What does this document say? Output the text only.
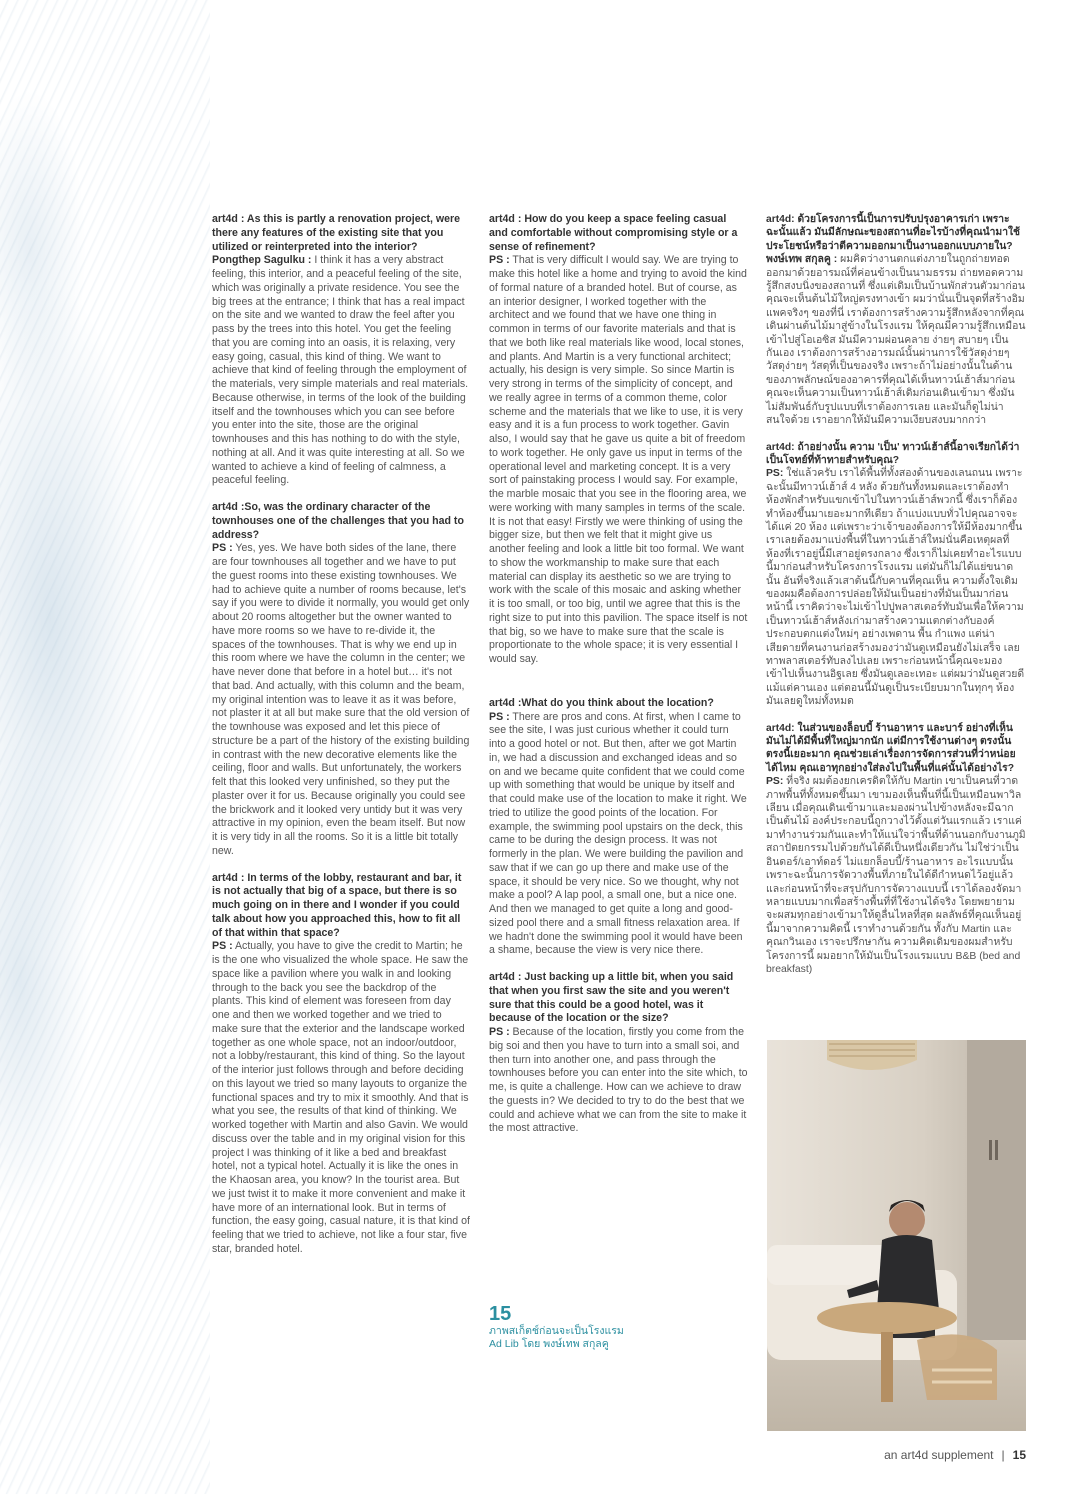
art4d : As this is partly a renovation project, were there any features of the existing site that you utilized or reinterpreted into the interior?
Pongthep Sagulku : I think it has a very abstract feeling, this interior, and a peaceful feeling of the site, which was originally a private residence. You see the big trees at the entrance; I think that has a real impact on the site and we wanted to draw the feel after you pass by the trees into this hotel. You get the feeling that you are coming into an oasis, it is relaxing, very easy going, casual, this kind of thing. We want to achieve that kind of feeling through the employment of the materials, very simple materials and real materials. Because otherwise, in terms of the look of the building itself and the townhouses which you can see before you enter into the site, those are the original townhouses and this has nothing to do with the style, nothing at all. And it was quite interesting at all. So we wanted to achieve a kind of feeling of calmness, a peaceful feeling.

art4d :So, was the ordinary character of the townhouses one of the challenges that you had to address?
PS : Yes, yes. We have both sides of the lane, there are four townhouses all together and we have to put the guest rooms into these existing townhouses. We had to achieve quite a number of rooms because, let's say if you were to divide it normally, you would get only about 20 rooms altogether but the owner wanted to have more rooms so we have to re-divide it, the spaces of the townhouses. That is why we end up in this room where we have the column in the center; we have never done that before in a hotel but… it's not that bad. And actually, with this column and the beam, my original intention was to leave it as it was before, not plaster it at all but make sure that the old version of the townhouse was exposed and let this piece of structure be a part of the history of the existing building in contrast with the new decorative elements like the ceiling, floor and walls. But unfortunately, the workers felt that this looked very unfinished, so they put the plaster over it for us. Because originally you could see the brickwork and it looked very untidy but it was very attractive in my opinion, even the beam itself. But now it is very tidy in all the rooms. So it is a little bit totally new.

art4d : In terms of the lobby, restaurant and bar, it is not actually that big of a space, but there is so much going on in there and I wonder if you could talk about how you approached this, how to fit all of that within that space?
PS : Actually, you have to give the credit to Martin; he is the one who visualized the whole space. He saw the space like a pavilion where you walk in and looking through to the back you see the backdrop of the plants. This kind of element was foreseen from day one and then we worked together and we tried to make sure that the exterior and the landscape worked together as one whole space, not an indoor/outdoor, not a lobby/restaurant, this kind of thing. So the layout of the interior just follows through and before deciding on this layout we tried so many layouts to organize the functional spaces and try to mix it smoothly. And that is what you see, the results of that kind of thinking. We worked together with Martin and also Gavin. We would discuss over the table and in my original vision for this project I was thinking of it like a bed and breakfast hotel, not a typical hotel. Actually it is like the ones in the Khaosan area, you know? In the tourist area. But we just twist it to make it more convenient and make it have more of an international look. But in terms of function, the easy going, casual nature, it is that kind of feeling that we tried to achieve, not like a four star, five star, branded hotel.

art4d : How do you keep a space feeling casual and comfortable without compromising style or a sense of refinement?
PS : That is very difficult I would say. We are trying to make this hotel like a home and trying to avoid the kind of formal nature of a branded hotel. But of course, as an interior designer, I worked together with the architect and we found that we have one thing in common in terms of our favorite materials and that is that we both like real materials like wood, local stones, and plants. And Martin is a very functional architect; actually, his design is very simple. So since Martin is very strong in terms of the simplicity of concept, and we really agree in terms of a common theme, color scheme and the materials that we like to use, it is very easy and it is a fun process to work together. Gavin also, I would say that he gave us quite a bit of freedom to work together. He only gave us input in terms of the operational level and marketing concept. It is a very sort of painstaking process I would say. For example, the marble mosaic that you see in the flooring area, we were working with many samples in terms of the scale. It is not that easy! Firstly we were thinking of using the bigger size, but then we felt that it might give us another feeling and look a little bit too formal. We want to show the workmanship to make sure that each material can display its aesthetic so we are trying to work with the scale of this mosaic and asking whether it is too small, or too big, until we agree that this is the right size to put into this pavilion. The space itself is not that big, so we have to make sure that the scale is proportionate to the whole space; it is very essential I would say.

art4d :What do you think about the location?
PS : There are pros and cons. At first, when I came to see the site, I was just curious whether it could turn into a good hotel or not. But then, after we got Martin in, we had a discussion and exchanged ideas and so on and we became quite confident that we could come up with something that would be unique by itself and that could make use of the location to make it right. We tried to utilize the good points of the location. For example, the swimming pool upstairs on the deck, this came to be during the design process. It was not formerly in the plan. We were building the pavilion and saw that if we can go up there and make use of the space, it should be very nice. So we thought, why not make a pool? A lap pool, a small one, but a nice one. And then we managed to get quite a long and good-sized pool there and a small fitness relaxation area. If we hadn't done the swimming pool it would have been a shame, because the view is very nice there.

art4d : Just backing up a little bit, when you said that when you first saw the site and you weren't sure that this could be a good hotel, was it because of the location or the size?
PS : Because of the location, firstly you come from the big soi and then you have to turn into a small soi, and then turn into another one, and pass through the townhouses before you can enter into the site which, to me, is quite a challenge. How can we achieve to draw the guests in? We decided to try to do the best that we could and achieve what we can from the site to make it the most attractive.

art4d: ด้วยโครงการนี้เป็นการปรับปรุงอาคารเก่า เพราะฉะนั้นแล้ว มันมีลักษณะของสถานที่อะไรบ้างที่คุณนำมาใช้ประโยชน์หรือว่าตีความออกมาเป็นงานออกแบบภายใน?
พงษ์เทพ สกุลคู : ผมคิดว่างานตกแต่งภายในถูกถ่ายทอดออกมาด้วยอารมณ์ที่ค่อนข้างเป็นนามธรรม ถ่ายทอดความรู้สึกสงบนิ่งของสถานที่ ซึ่งแต่เดิมเป็นบ้านพักส่วนตัวมาก่อน คุณจะเห็นต้นไม้ใหญ่ตรงทางเข้า ผมว่านั่นเป็นจุดที่สร้างอิมแพคจริงๆ ของที่นี่ เราต้องการสร้างความรู้สึกหลังจากที่คุณเดินผ่านต้นไม้มาสู่ข้างในโรงแรม ให้คุณมีความรู้สึกเหมือนเข้าไปสู่โอเอซิส มันมีความผ่อนคลาย ง่ายๆ สบายๆ เป็นกันเอง เราต้องการสร้างอารมณ์นั้นผ่านการใช้วัสดุง่ายๆ วัสดุง่ายๆ วัสดุที่เป็นของจริง เพราะถ้าไม่อย่างนั้นในด้านของภาพลักษณ์ของอาคารที่คุณได้เห็นทาวน์เฮ้าส์มาก่อน คุณจะเห็นความเป็นทาวน์เฮ้าส์เดิมก่อนเดินเข้ามา ซึ่งมันไม่สัมพันธ์กับรูปแบบที่เราต้องการเลย และมันก็ดูไม่น่าสนใจด้วย เราอยากให้มันมีความเงียบสงบมากกว่า

art4d: ถ้าอย่างนั้น ความ 'เป็น' ทาวน์เฮ้าส์นี้อาจเรียกได้ว่าเป็นโจทย์ที่ท้าทายสำหรับคุณ?
PS: ใช่แล้วครับ เราได้พื้นที่ทั้งสองด้านของเลนถนน เพราะฉะนั้นมีทาวน์เฮ้าส์ 4 หลัง ด้วยกันทั้งหมดและเราต้องทำห้องพักสำหรับแขกเข้าไปในทาวน์เฮ้าส์พวกนี้ ซึ่งเราก็ต้องทำห้องขึ้นมาเยอะมากทีเดียว ถ้าแบ่งแบบทั่วไปคุณอาจจะได้แค่ 20 ห้อง แต่เพราะว่าเจ้าของต้องการให้มีห้องมากขึ้น เราเลยต้องมาแบ่งพื้นที่ในทาวน์เฮ้าส์ใหม่นั่นคือเหตุผลที่ห้องที่เราอยู่นี้มีเสาอยู่ตรงกลาง ซึ่งเราก็ไม่เคยทำอะไรแบบนี้มาก่อนสำหรับโครงการโรงแรม แต่มันก็ไม่ได้แย่ขนาดนั้น อันที่จริงแล้วเสาต้นนี้กับคานที่คุณเห็น ความตั้งใจเดิมของผมคือต้องการปล่อยให้มันเป็นอย่างที่มันเป็นมาก่อนหน้านี้ เราคิดว่าจะไม่เข้าไปปูพลาสเตอร์ทับมันเพื่อให้ความเป็นทาวน์เฮ้าส์หลังเก่ามาสร้างความแตกต่างกับองค์ประกอบตกแต่งใหม่ๆ อย่างเพดาน พื้น กำแพง แต่น่าเสียดายที่คนงานก่อสร้างมองว่ามันดูเหมือนยังไม่เสร็จ เลยทาพลาสเตอร์ทับลงไปเลย เพราะก่อนหน้านี้คุณจะมองเข้าไปเห็นงานอิฐเลย ซึ่งมันดูเลอะเทอะ แต่ผมว่ามันดูสวยดี แม้แต่คานเอง แต่ตอนนี้มันดูเป็นระเบียบมากในทุกๆ ห้องมันเลยดูใหม่ทั้งหมด

art4d: ในส่วนของล็อบบี้ ร้านอาหาร และบาร์ อย่างที่เห็น มันไม่ได้มีพื้นที่ใหญ่มากนัก แต่มีการใช้งานต่างๆ ตรงนั้นตรงนี้เยอะมาก คุณช่วยเล่าเรื่องการจัดการส่วนที่ว่าหน่อยได้ไหม คุณเอาทุกอย่างใส่ลงไปในพื้นที่แค่นั้นได้อย่างไร?
PS: ที่จริง ผมต้องยกเครดิตให้กับ Martin เขาเป็นคนที่วาดภาพพื้นที่ทั้งหมดขึ้นมา เขามองเห็นพื้นที่นี้เป็นเหมือนพาวิลเลียน เมื่อคุณเดินเข้ามาและมองผ่านไปข้างหลังจะมีฉากเป็นต้นไม้ องค์ประกอบนี้ถูกวางไว้ตั้งแต่วันแรกแล้ว เราแค่มาทำงานร่วมกันและทำให้แน่ใจว่าพื้นที่ด้านนอกกับงานภูมิสถาปัตยกรรมไปด้วยกันได้ดีเป็นหนึ่งเดียวกัน ไม่ใช่ว่าเป็นอินดอร์/เอาท์ดอร์ ไม่แยกล็อบบี้/ร้านอาหาร อะไรแบบนั้น เพราะฉะนั้นการจัดวางพื้นที่ภายในได้ดีกำหนดไว้อยู่แล้ว และก่อนหน้าที่จะสรุปกับการจัดวางแบบนี้ เราได้ลองจัดมาหลายแบบมากเพื่อสร้างพื้นที่ที่ใช้งานได้จริง โดยพยายามจะผสมทุกอย่างเข้ามาให้ดูลื่นไหลที่สุด ผลลัพธ์ที่คุณเห็นอยู่นี้มาจากความคิดนี้ เราทำงานด้วยกัน ทั้งกับ Martin และคุณกวินเอง เราจะปรึกษากัน ความคิดเดิมของผมสำหรับโครงการนี้ ผมอยากให้มันเป็นโรงแรมแบบ B&B (bed and breakfast)

15
ภาพสเก็ตช์ก่อนจะเป็นโรงแรม
Ad Lib โดย พงษ์เทพ สกุลคู
an art4d supplement | 15
